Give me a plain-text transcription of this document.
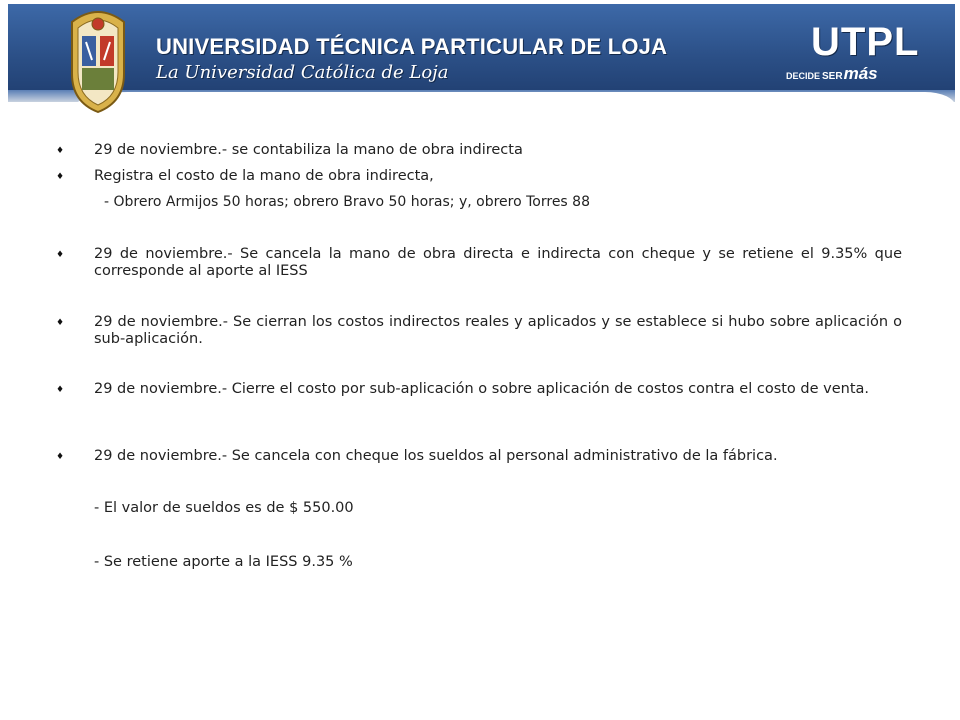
UNIVERSIDAD TÉCNICA PARTICULAR DE LOJA
La Universidad Católica de Loja
UTPL
DECIDE SERmás
♦ 29 de noviembre.- se contabiliza la mano de obra indirecta
♦ Registra el costo de la mano de obra indirecta,
- Obrero Armijos 50 horas; obrero Bravo 50 horas; y, obrero Torres 88
♦ 29 de noviembre.- Se cancela la mano de obra directa e indirecta con cheque y se retiene el 9.35% que corresponde al aporte al IESS
♦ 29 de noviembre.- Se cierran los costos indirectos reales y aplicados y se establece si hubo sobre aplicación o sub-aplicación.
♦ 29 de noviembre.- Cierre el costo por sub-aplicación o sobre aplicación de costos contra el costo de venta.
♦ 29 de noviembre.- Se cancela con cheque los sueldos al personal administrativo de la fábrica.
- El valor de sueldos es de $ 550.00
- Se retiene aporte a la IESS 9.35 %
